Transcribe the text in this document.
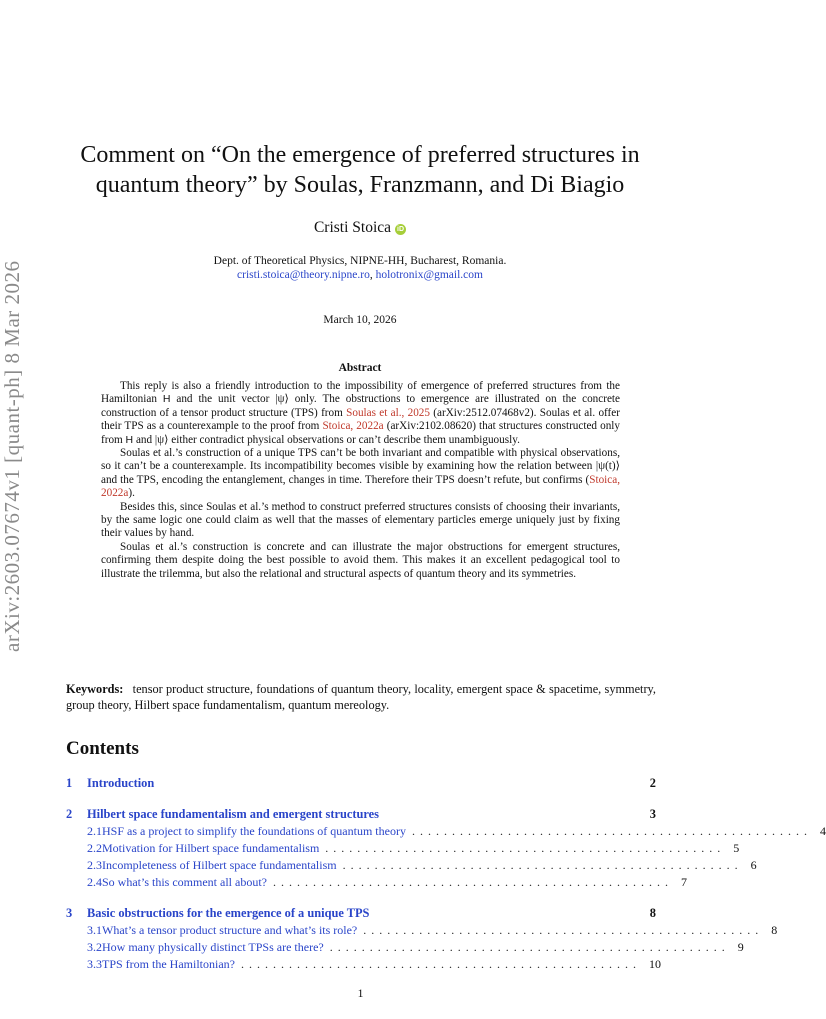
arXiv:2603.07674v1 [quant-ph] 8 Mar 2026
Comment on “On the emergence of preferred structures in
quantum theory” by Soulas, Franzmann, and Di Biagio
Cristi Stoica iD
Dept. of Theoretical Physics, NIPNE-HH, Bucharest, Romania.
cristi.stoica@theory.nipne.ro, holotronix@gmail.com
March 10, 2026
Abstract

This reply is also a friendly introduction to the impossibility of emergence of preferred structures from the Hamiltonian H and the unit vector |ψ⟩ only. The obstructions to emergence are illustrated on the concrete construction of a tensor product structure (TPS) from Soulas et al., 2025 (arXiv:2512.07468v2). Soulas et al. offer their TPS as a counterexample to the proof from Stoica, 2022a (arXiv:2102.08620) that structures constructed only from H and |ψ⟩ either contradict physical observations or can’t describe them unambiguously.

Soulas et al.’s construction of a unique TPS can’t be both invariant and compatible with physical observations, so it can’t be a counterexample. Its incompatibility becomes visible by examining how the relation between |ψ(t)⟩ and the TPS, encoding the entanglement, changes in time. Therefore their TPS doesn’t refute, but confirms (Stoica, 2022a).

Besides this, since Soulas et al.’s method to construct preferred structures consists of choosing their invariants, by the same logic one could claim as well that the masses of elementary particles emerge uniquely just by fixing their values by hand.

Soulas et al.’s construction is concrete and can illustrate the major obstructions for emergent structures, confirming them despite doing the best possible to avoid them. This makes it an excellent pedagogical tool to illustrate the trilemma, but also the relational and structural aspects of quantum theory and its symmetries.

Keywords: tensor product structure, foundations of quantum theory, locality, emergent space & spacetime, symmetry, group theory, Hilbert space fundamentalism, quantum mereology.
Contents
1	Introduction	2
2	Hilbert space fundamentalism and emergent structures	3
2.1 HSF as a project to simplify the foundations of quantum theory .................................................. 4
2.2 Motivation for Hilbert space fundamentalism .................................................. 5
2.3 Incompleteness of Hilbert space fundamentalism .................................................. 6
2.4 So what’s this comment all about? .................................................. 7
3	Basic obstructions for the emergence of a unique TPS	8
3.1 What’s a tensor product structure and what’s its role? .................................................. 8
3.2 How many physically distinct TPSs are there? .................................................. 9
3.3 TPS from the Hamiltonian? .................................................. 10
1
